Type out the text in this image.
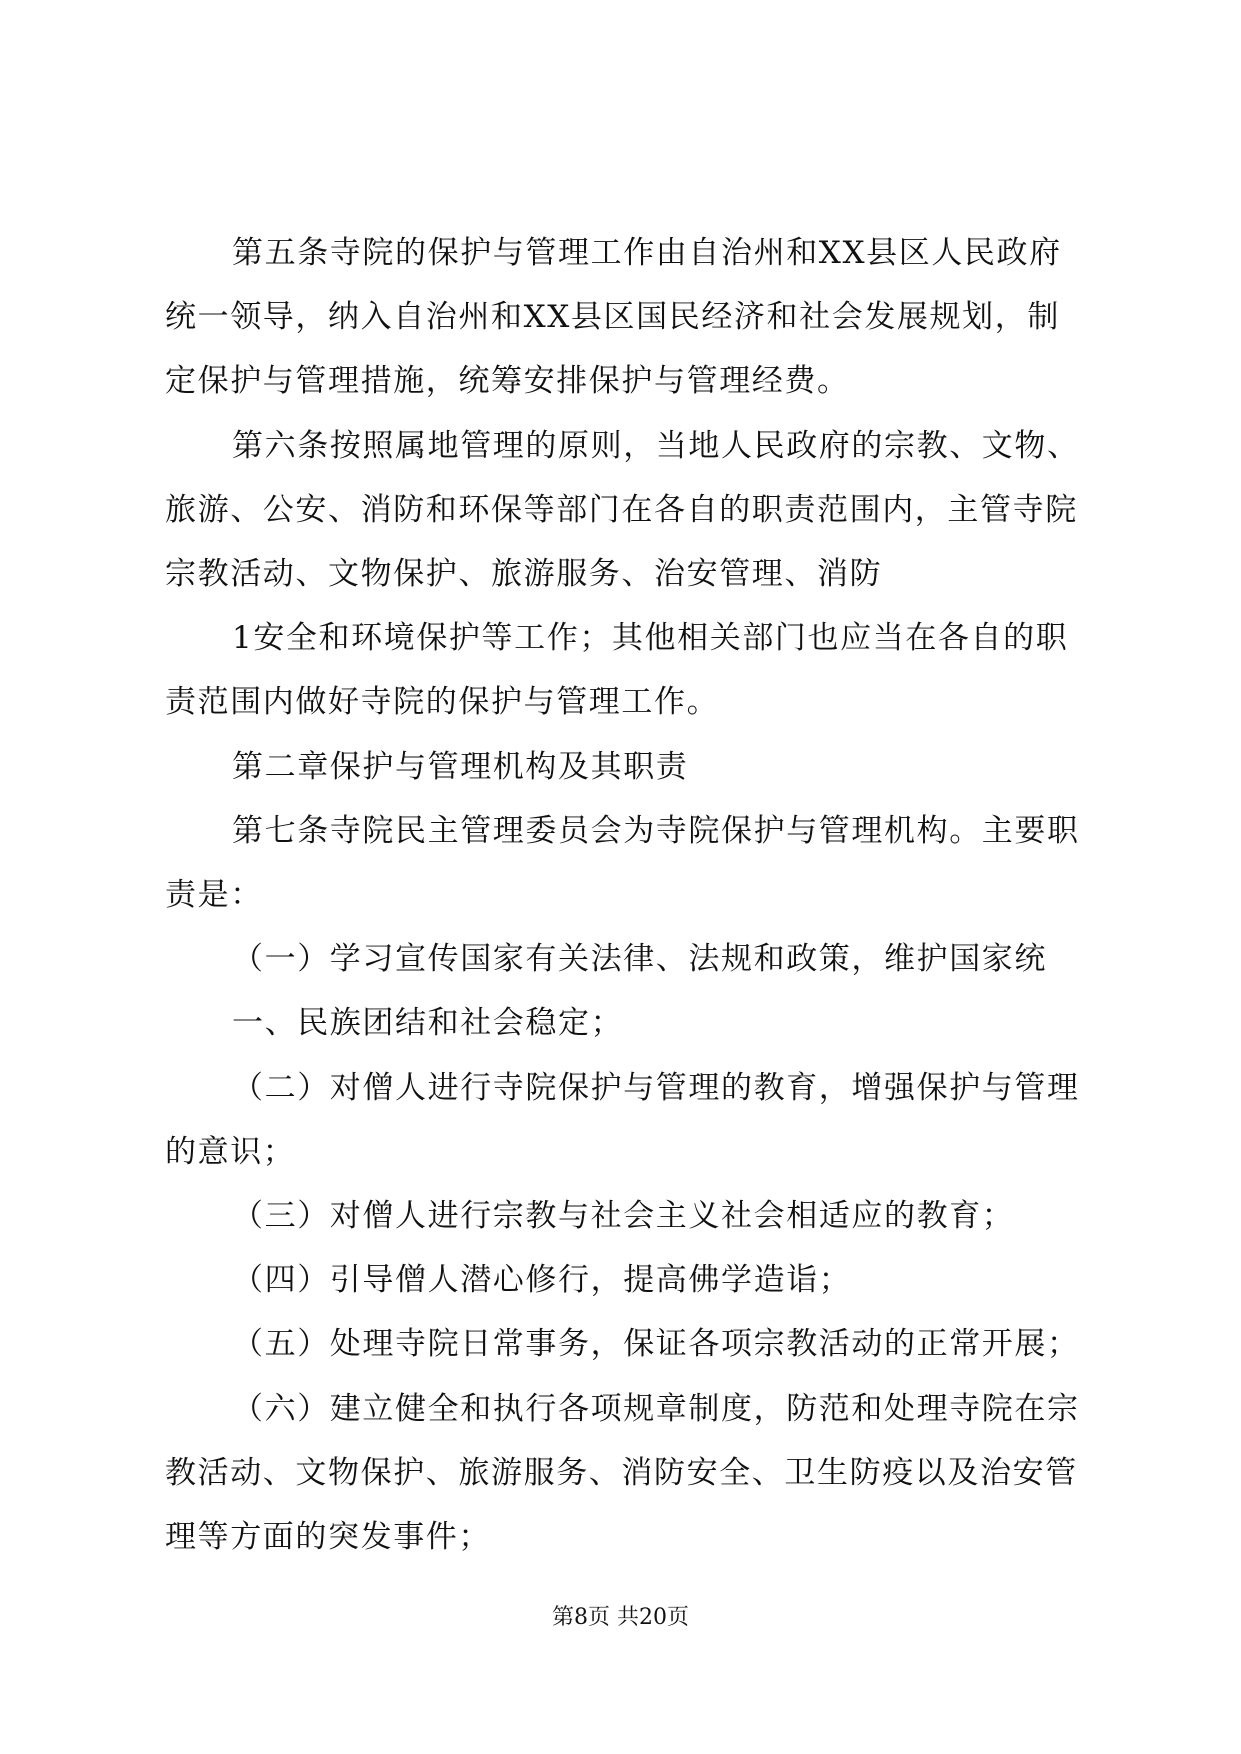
第五条寺院的保护与管理工作由自治州和XX县区人民政府
统一领导，纳入自治州和XX县区国民经济和社会发展规划，制
定保护与管理措施，统筹安排保护与管理经费。
第六条按照属地管理的原则，当地人民政府的宗教、文物、
旅游、公安、消防和环保等部门在各自的职责范围内，主管寺院
宗教活动、文物保护、旅游服务、治安管理、消防
1安全和环境保护等工作；其他相关部门也应当在各自的职
责范围内做好寺院的保护与管理工作。
第二章保护与管理机构及其职责
第七条寺院民主管理委员会为寺院保护与管理机构。主要职
责是：
（一）学习宣传国家有关法律、法规和政策，维护国家统
一、民族团结和社会稳定；
（二）对僧人进行寺院保护与管理的教育，增强保护与管理
的意识；
（三）对僧人进行宗教与社会主义社会相适应的教育；
（四）引导僧人潜心修行，提高佛学造诣；
（五）处理寺院日常事务，保证各项宗教活动的正常开展；
（六）建立健全和执行各项规章制度，防范和处理寺院在宗
教活动、文物保护、旅游服务、消防安全、卫生防疫以及治安管
理等方面的突发事件；
第8页 共20页
